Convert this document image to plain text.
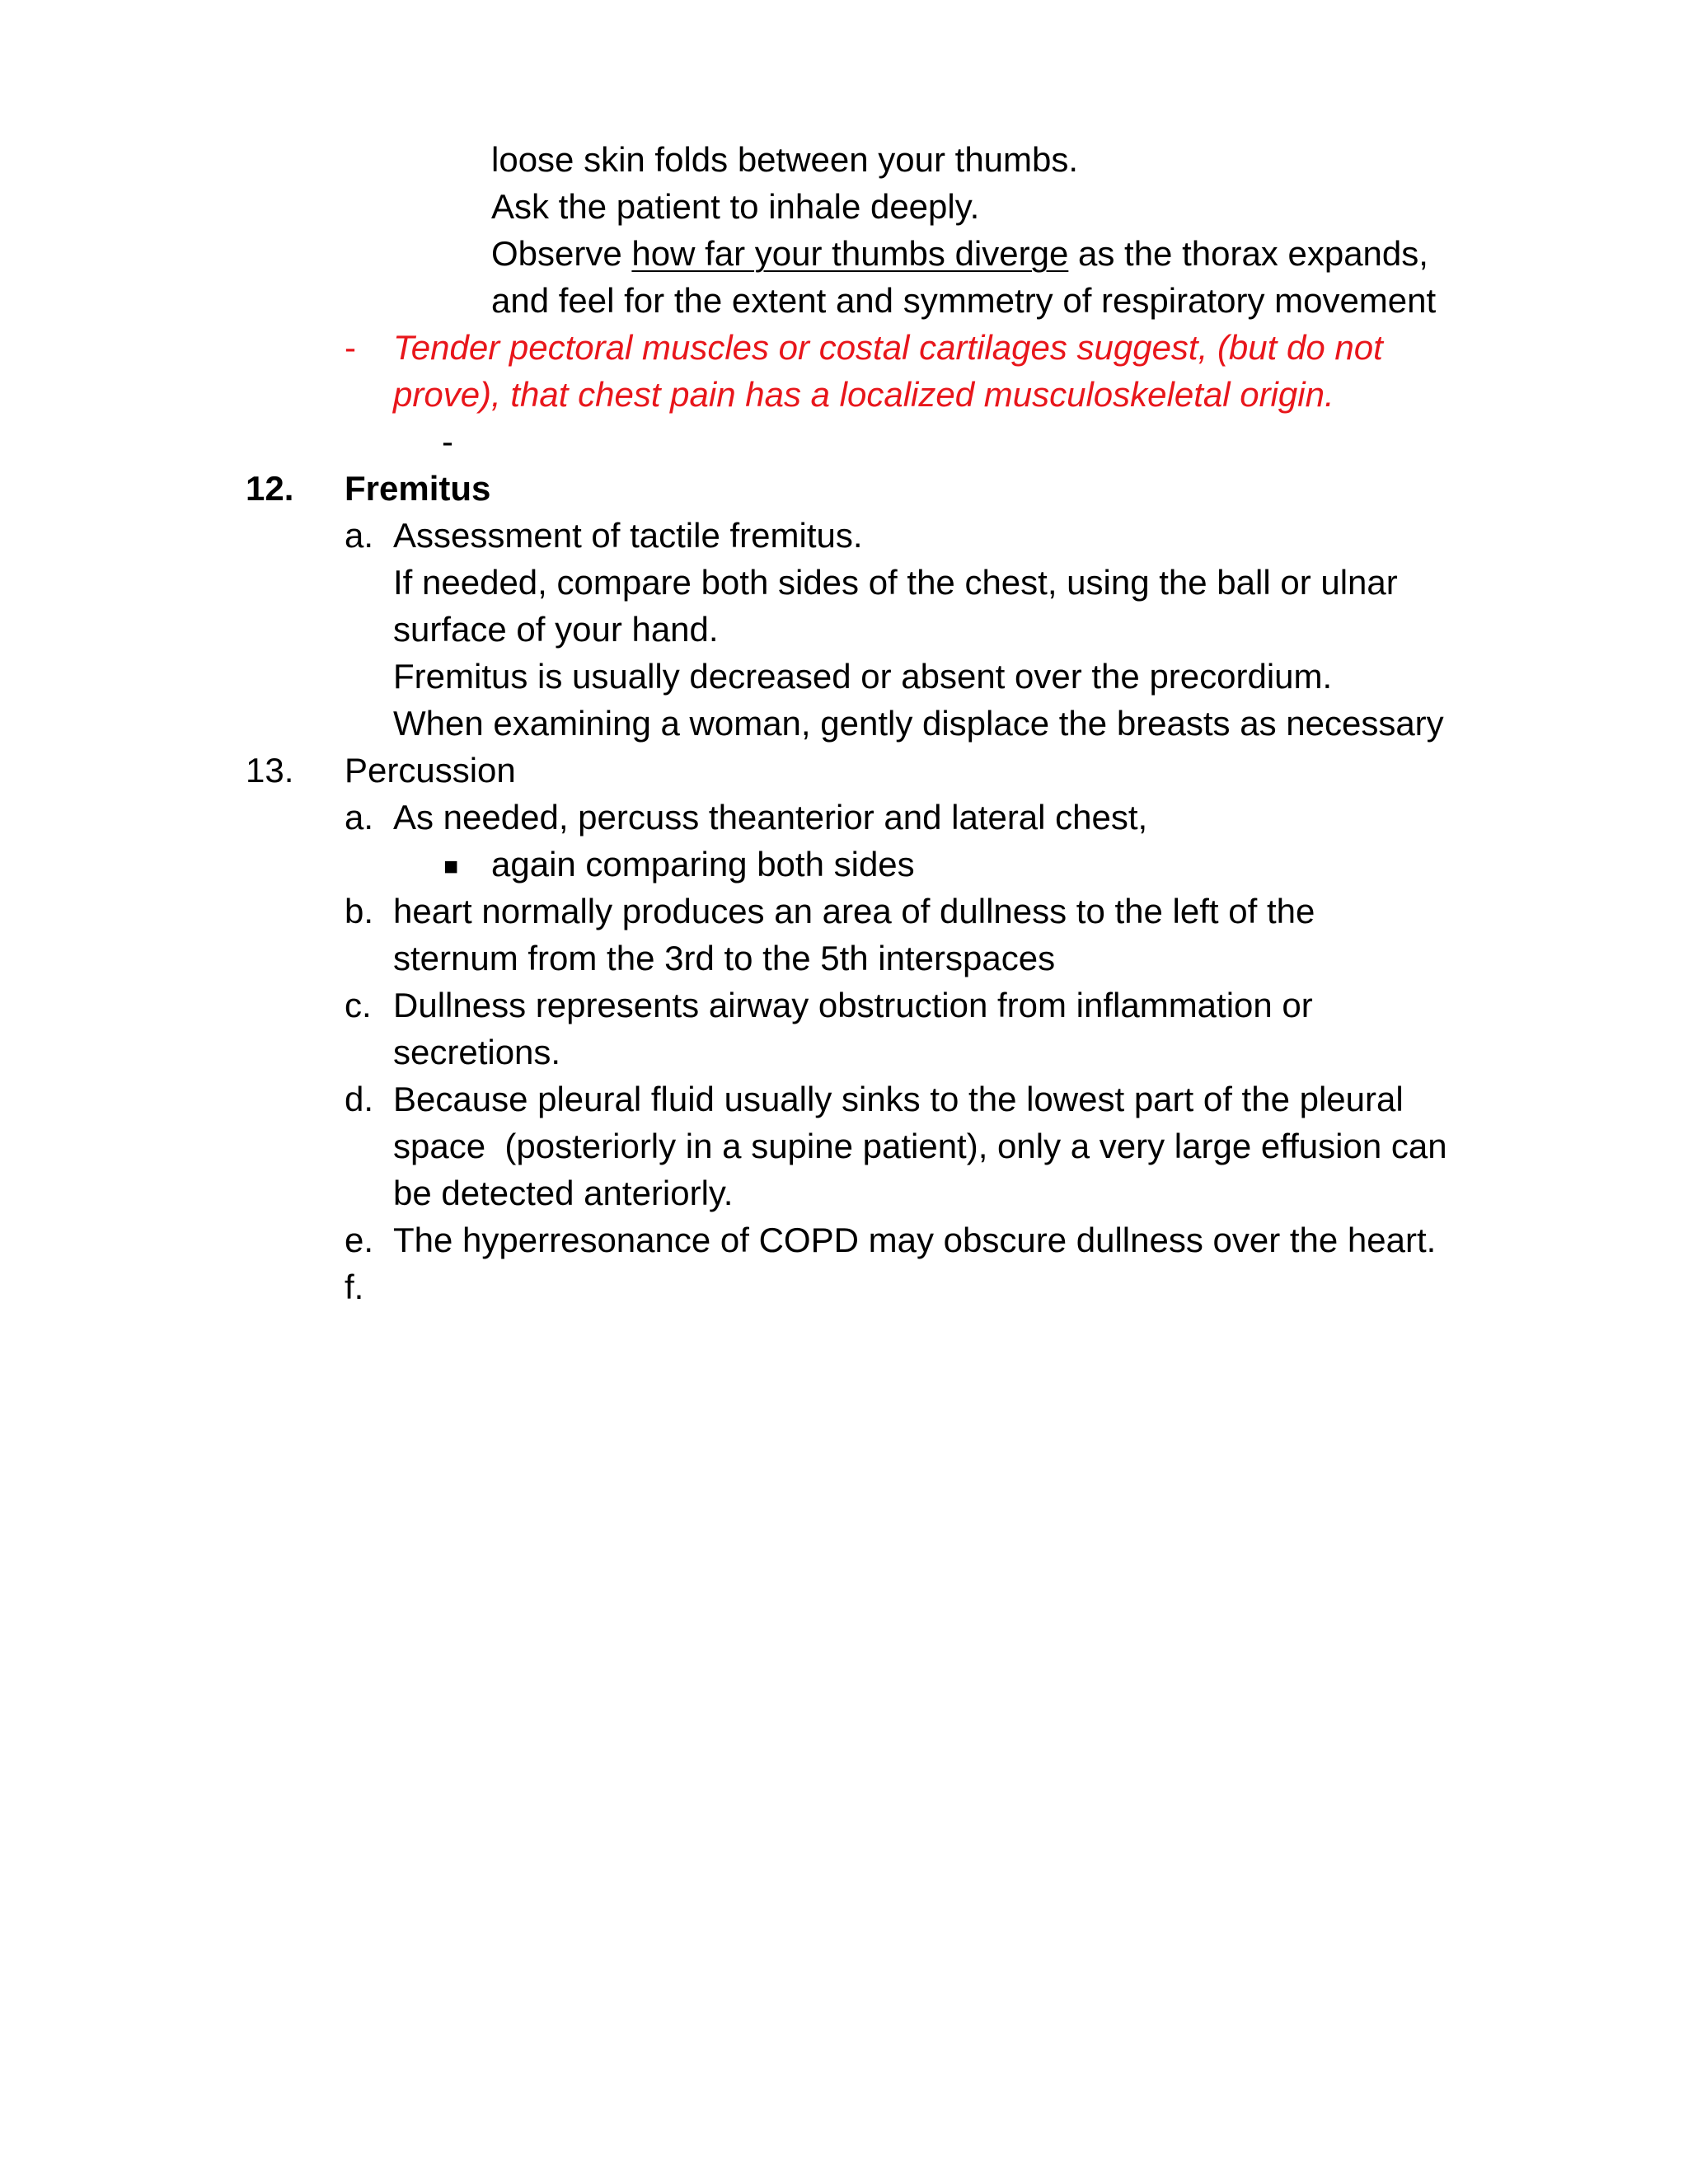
loose skin folds between your thumbs.

Ask the patient to inhale deeply.

Observe how far your thumbs diverge as the thorax expands,

and feel for the extent and symmetry of respiratory movement

- Tender pectoral muscles or costal cartilages suggest, (but do not

prove), that chest pain has a localized musculoskeletal origin.

-

12. Fremitus

a. Assessment of tactile fremitus.

If needed, compare both sides of the chest, using the ball or ulnar

surface of your hand.

Fremitus is usually decreased or absent over the precordium.

When examining a woman, gently displace the breasts as necessary

13. Percussion

a. As needed, percuss theanterior and lateral chest,

■ again comparing both sides

b. heart normally produces an area of dullness to the left of the

sternum from the 3rd to the 5th interspaces

c. Dullness represents airway obstruction from inflammation or

secretions.

d. Because pleural fluid usually sinks to the lowest part of the pleural

space  (posteriorly in a supine patient), only a very large effusion can

be detected anteriorly.

e. The hyperresonance of COPD may obscure dullness over the heart.

f.
